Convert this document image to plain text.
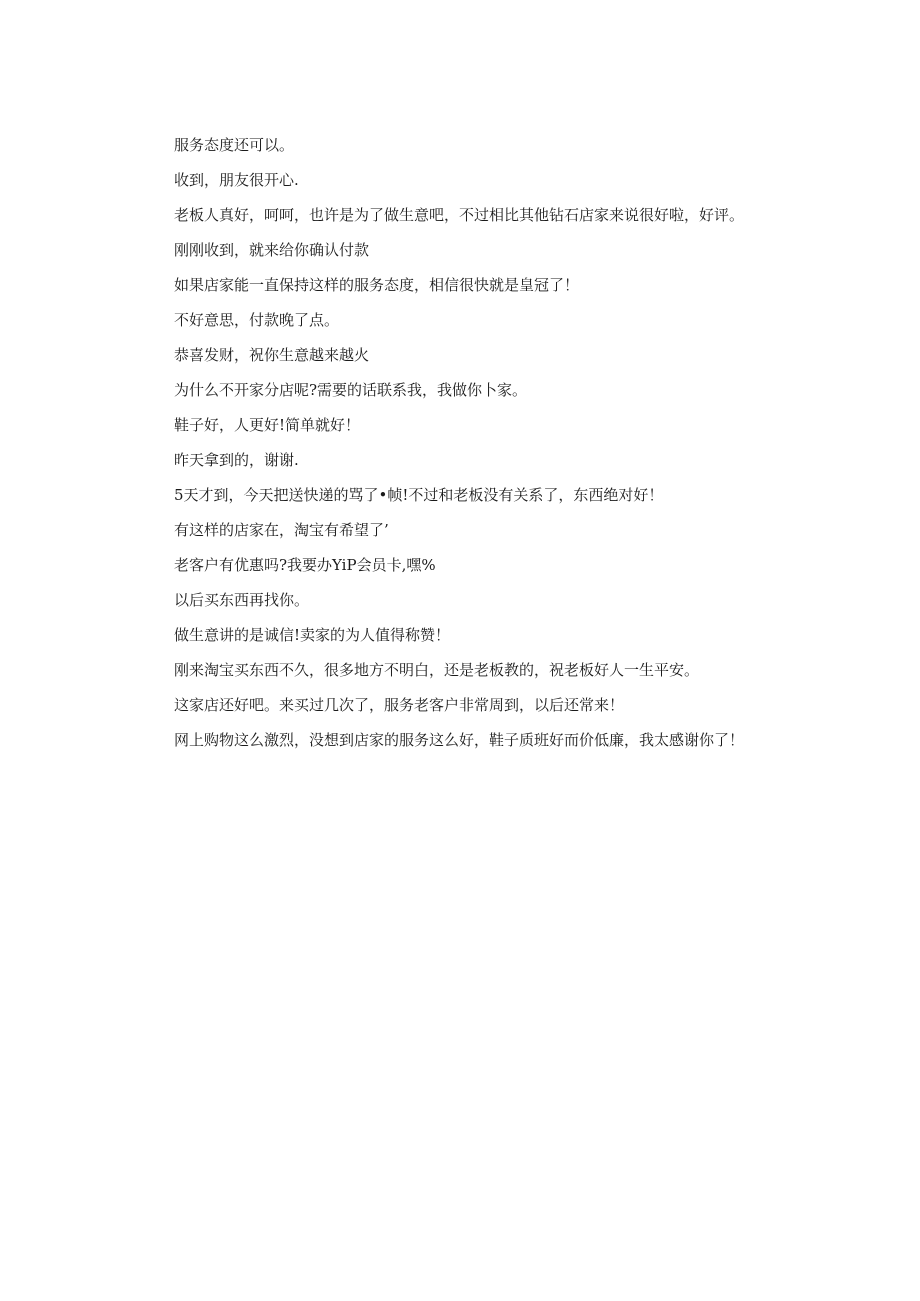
服务态度还可以。

收到，朋友很开心.

老板人真好，呵呵，也许是为了做生意吧，不过相比其他钻石店家来说很好啦，好评。

刚刚收到，就来给你确认付款

如果店家能一直保持这样的服务态度，相信很快就是皇冠了！

不好意思，付款晚了点。

恭喜发财，祝你生意越来越火

为什么不开家分店呢?需要的话联系我，我做你卜家。

鞋子好，人更好!简单就好！

昨天拿到的，谢谢.

5天才到，今天把送快递的骂了•帧!不过和老板没有关系了，东西绝对好！

有这样的店家在，淘宝有希望了’

老客户有优惠吗?我要办YiP会员卡,嘿%

以后买东西再找你。

做生意讲的是诚信!卖家的为人值得称赞！

刚来淘宝买东西不久，很多地方不明白，还是老板教的，祝老板好人一生平安。

这家店还好吧。来买过几次了，服务老客户非常周到，以后还常来！

网上购物这么激烈，没想到店家的服务这么好，鞋子质班好而价低廉，我太感谢你了！
